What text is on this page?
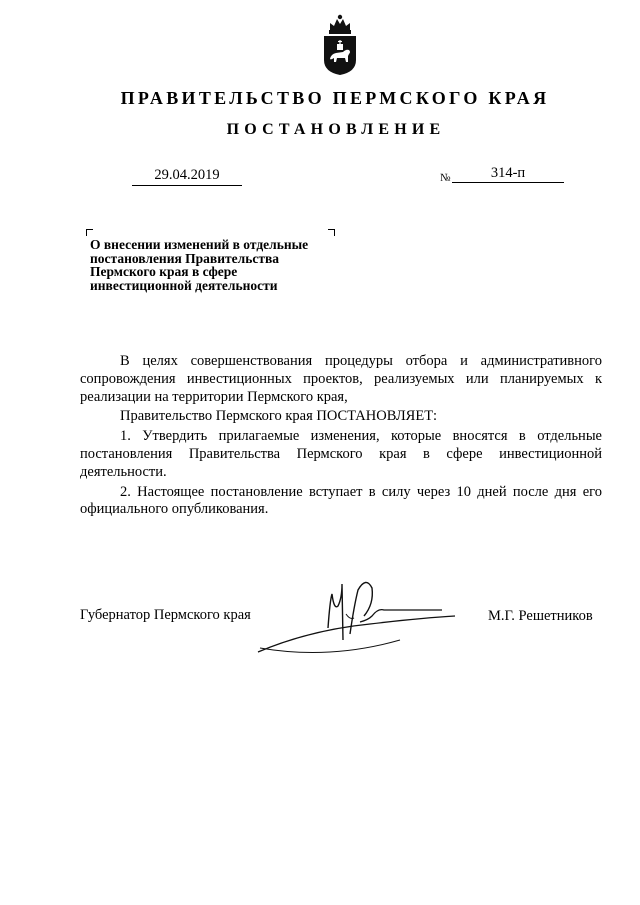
ПРАВИТЕЛЬСТВО ПЕРМСКОГО КРАЯ
ПОСТАНОВЛЕНИЕ
29.04.2019	№	314-п
О внесении изменений в отдельные
постановления Правительства
Пермского края в сфере
инвестиционной деятельности

В целях совершенствования процедуры отбора и административного сопровождения инвестиционных проектов, реализуемых или планируемых к реализации на территории Пермского края,

Правительство Пермского края ПОСТАНОВЛЯЕТ:

1. Утвердить прилагаемые изменения, которые вносятся в отдельные постановления Правительства Пермского края в сфере инвестиционной деятельности.

2. Настоящее постановление вступает в силу через 10 дней после дня его официального опубликования.

Губернатор Пермского края	М.Г. Решетников
